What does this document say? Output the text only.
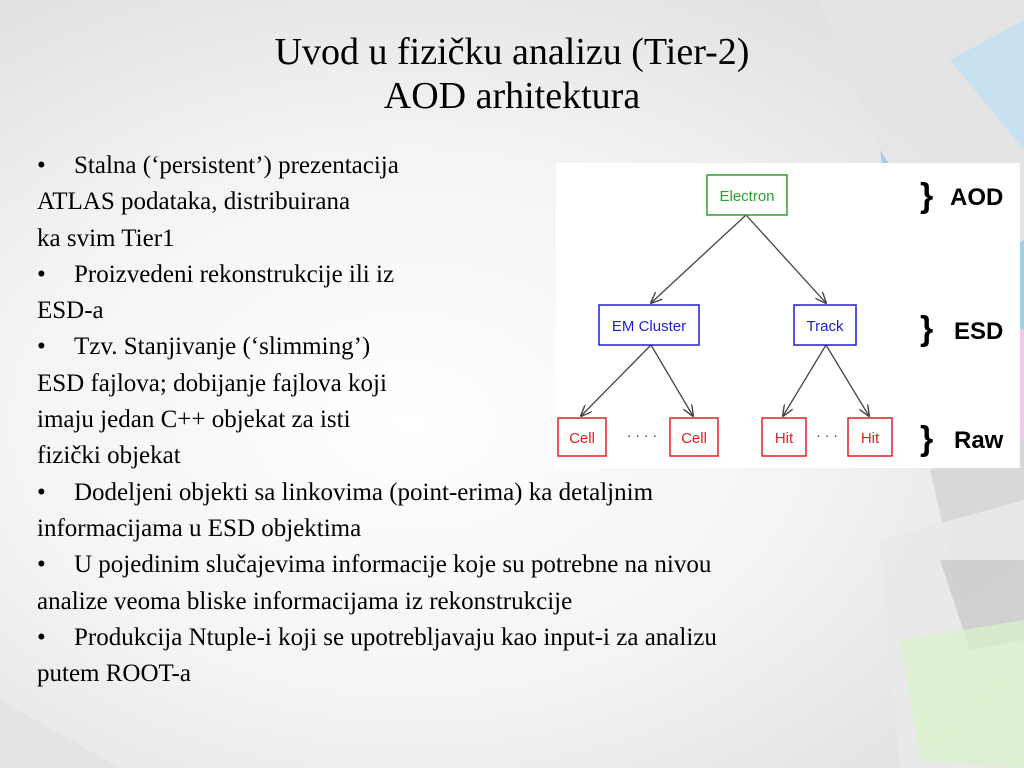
Uvod u fizičku analizu (Tier-2)
AOD arhitektura
• Stalna (‘persistent’) prezentacija
ATLAS podataka, distribuirana
ka svim Tier1
• Proizvedeni rekonstrukcije ili iz
ESD-a
• Tzv. Stanjivanje (‘slimming’)
ESD fajlova; dobijanje fajlova koji
imaju jedan C++ objekat za isti
fizički objekat
• Dodeljeni objekti sa linkovima (point-erima) ka detaljnim
informacijama u ESD objektima
• U pojedinim slučajevima informacije koje su potrebne na nivou
analize veoma bliske informacijama iz rekonstrukcije
• Produkcija Ntuple-i koji se upotrebljavaju kao input-i za analizu
putem ROOT-a
Electron
EM Cluster	Track
Cell · · · · Cell	Hit · · · Hit
} AOD
} ESD
} Raw
